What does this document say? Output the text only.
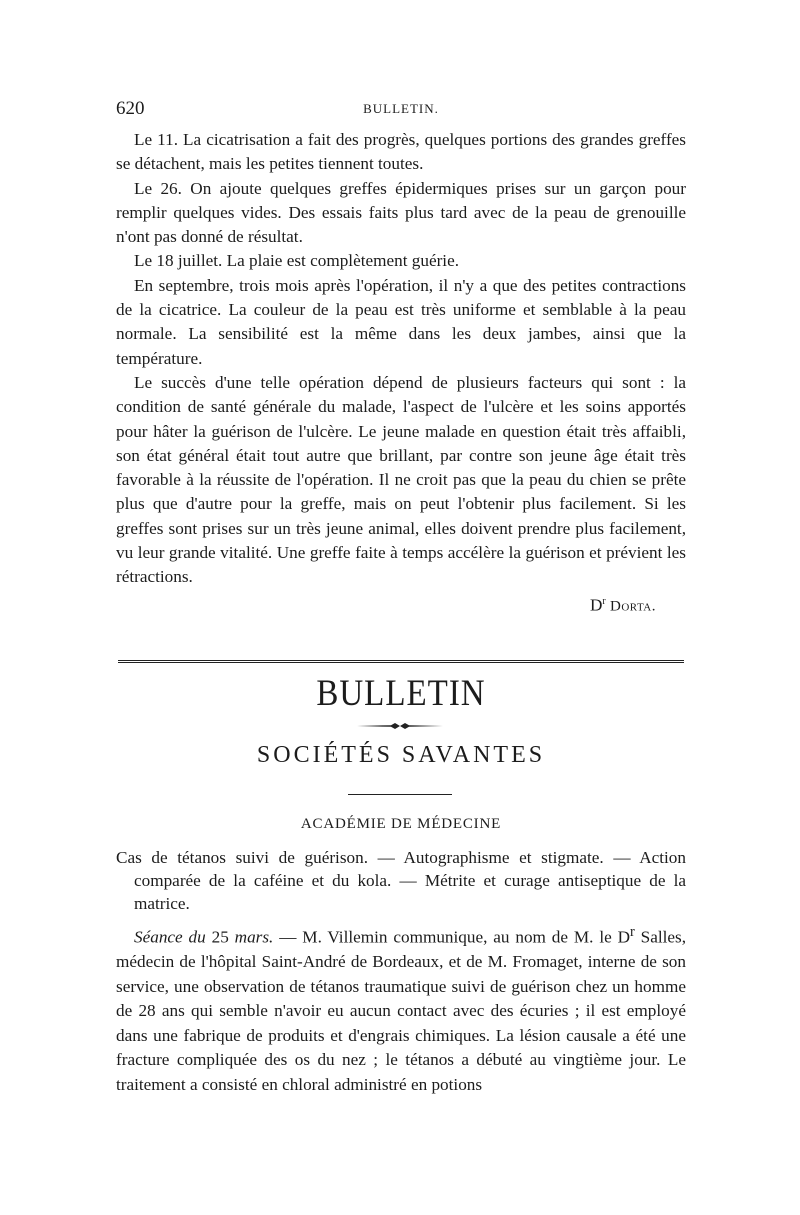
620	BULLETIN.

Le 11. La cicatrisation a fait des progrès, quelques portions des grandes greffes se détachent, mais les petites tiennent toutes.

Le 26. On ajoute quelques greffes épidermiques prises sur un garçon pour remplir quelques vides. Des essais faits plus tard avec de la peau de grenouille n'ont pas donné de résultat.

Le 18 juillet. La plaie est complètement guérie.

En septembre, trois mois après l'opération, il n'y a que des petites contractions de la cicatrice. La couleur de la peau est très uniforme et semblable à la peau normale. La sensibilité est la même dans les deux jambes, ainsi que la température.

Le succès d'une telle opération dépend de plusieurs facteurs qui sont : la condition de santé générale du malade, l'aspect de l'ulcère et les soins apportés pour hâter la guérison de l'ulcère. Le jeune malade en question était très affaibli, son état général était tout autre que brillant, par contre son jeune âge était très favorable à la réussite de l'opération. Il ne croit pas que la peau du chien se prête plus que d'autre pour la greffe, mais on peut l'obtenir plus facilement. Si les greffes sont prises sur un très jeune animal, elles doivent prendre plus facilement, vu leur grande vitalité. Une greffe faite à temps accélère la guérison et prévient les rétractions.

$D^r$ Dorta.

BULLETIN
SOCIÉTÉS SAVANTES
ACADÉMIE DE MÉDECINE
Cas de tétanos suivi de guérison. — Autographisme et stigmate. — Action comparée de la caféine et du kola. — Métrite et curage antiseptique de la matrice.

Séance du 25 mars. — M. Villemin communique, au nom de M. le $D^r$ Salles, médecin de l'hôpital Saint-André de Bordeaux, et de M. Fromaget, interne de son service, une observation de tétanos traumatique suivi de guérison chez un homme de 28 ans qui semble n'avoir eu aucun contact avec des écuries ; il est employé dans une fabrique de produits et d'engrais chimiques. La lésion causale a été une fracture compliquée des os du nez ; le tétanos a débuté au vingtième jour. Le traitement a consisté en chloral administré en potions
